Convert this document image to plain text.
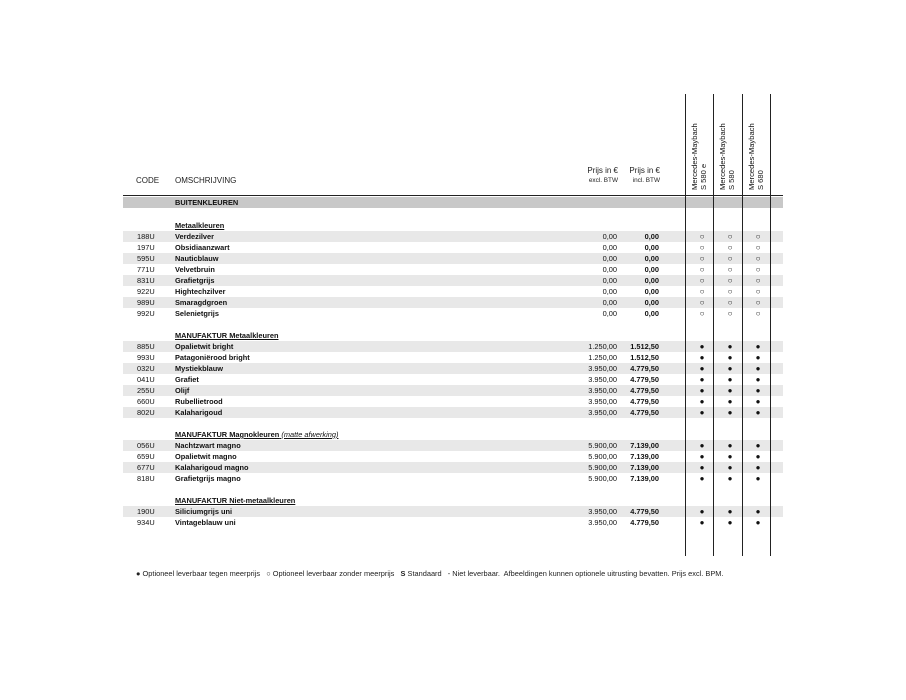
CODE OMSCHRIJVING
Prijs in €
excl. BTW
Prijs in €
incl. BTW	Mercedes-Maybach S 580 e Mercedes-Maybach S 580 Mercedes-Maybach S 680
BUITENKLEUREN
Metaalkleuren
188U	Verdezilver	0,00	0,00	○	○	○
197U	Obsidiaanzwart	0,00	0,00	○	○	○
595U	Nauticblauw	0,00	0,00	○	○	○
771U	Velvetbruin	0,00	0,00	○	○	○
831U	Grafietgrijs	0,00	0,00	○	○	○
922U	Hightechzilver	0,00	0,00	○	○	○
989U	Smaragdgroen	0,00	0,00	○	○	○
992U	Selenietgrijs	0,00	0,00	○	○	○
MANUFAKTUR Metaalkleuren
885U	Opalietwit bright	1.250,00 1.512,50	●	●	●
993U	Patagoniërood bright	1.250,00 1.512,50	●	●	●
032U	Mystiekblauw	3.950,00 4.779,50	●	●	●
041U	Grafiet	3.950,00 4.779,50	●	●	●
255U	Olijf	3.950,00 4.779,50	●	●	●
660U	Rubellietrood	3.950,00 4.779,50	●	●	●
802U	Kalaharigoud	3.950,00 4.779,50	●	●	●
MANUFAKTUR Magnokleuren (matte afwerking)
056U	Nachtzwart magno	5.900,00 7.139,00	●	●	●
659U	Opalietwit magno	5.900,00 7.139,00	●	●	●
677U	Kalaharigoud magno	5.900,00 7.139,00	●	●	●
818U	Grafietgrijs magno	5.900,00 7.139,00	●	●	●
MANUFAKTUR Niet-metaalkleuren
190U	Siliciumgrijs uni	3.950,00 4.779,50	●	●	●
934U	Vintageblauw uni	3.950,00 4.779,50	●	●	●
● Optioneel leverbaar tegen meerprijs ○ Optioneel leverbaar zonder meerprijs S Standaard - Niet leverbaar. Afbeeldingen kunnen optionele uitrusting bevatten. Prijs excl. BPM.
